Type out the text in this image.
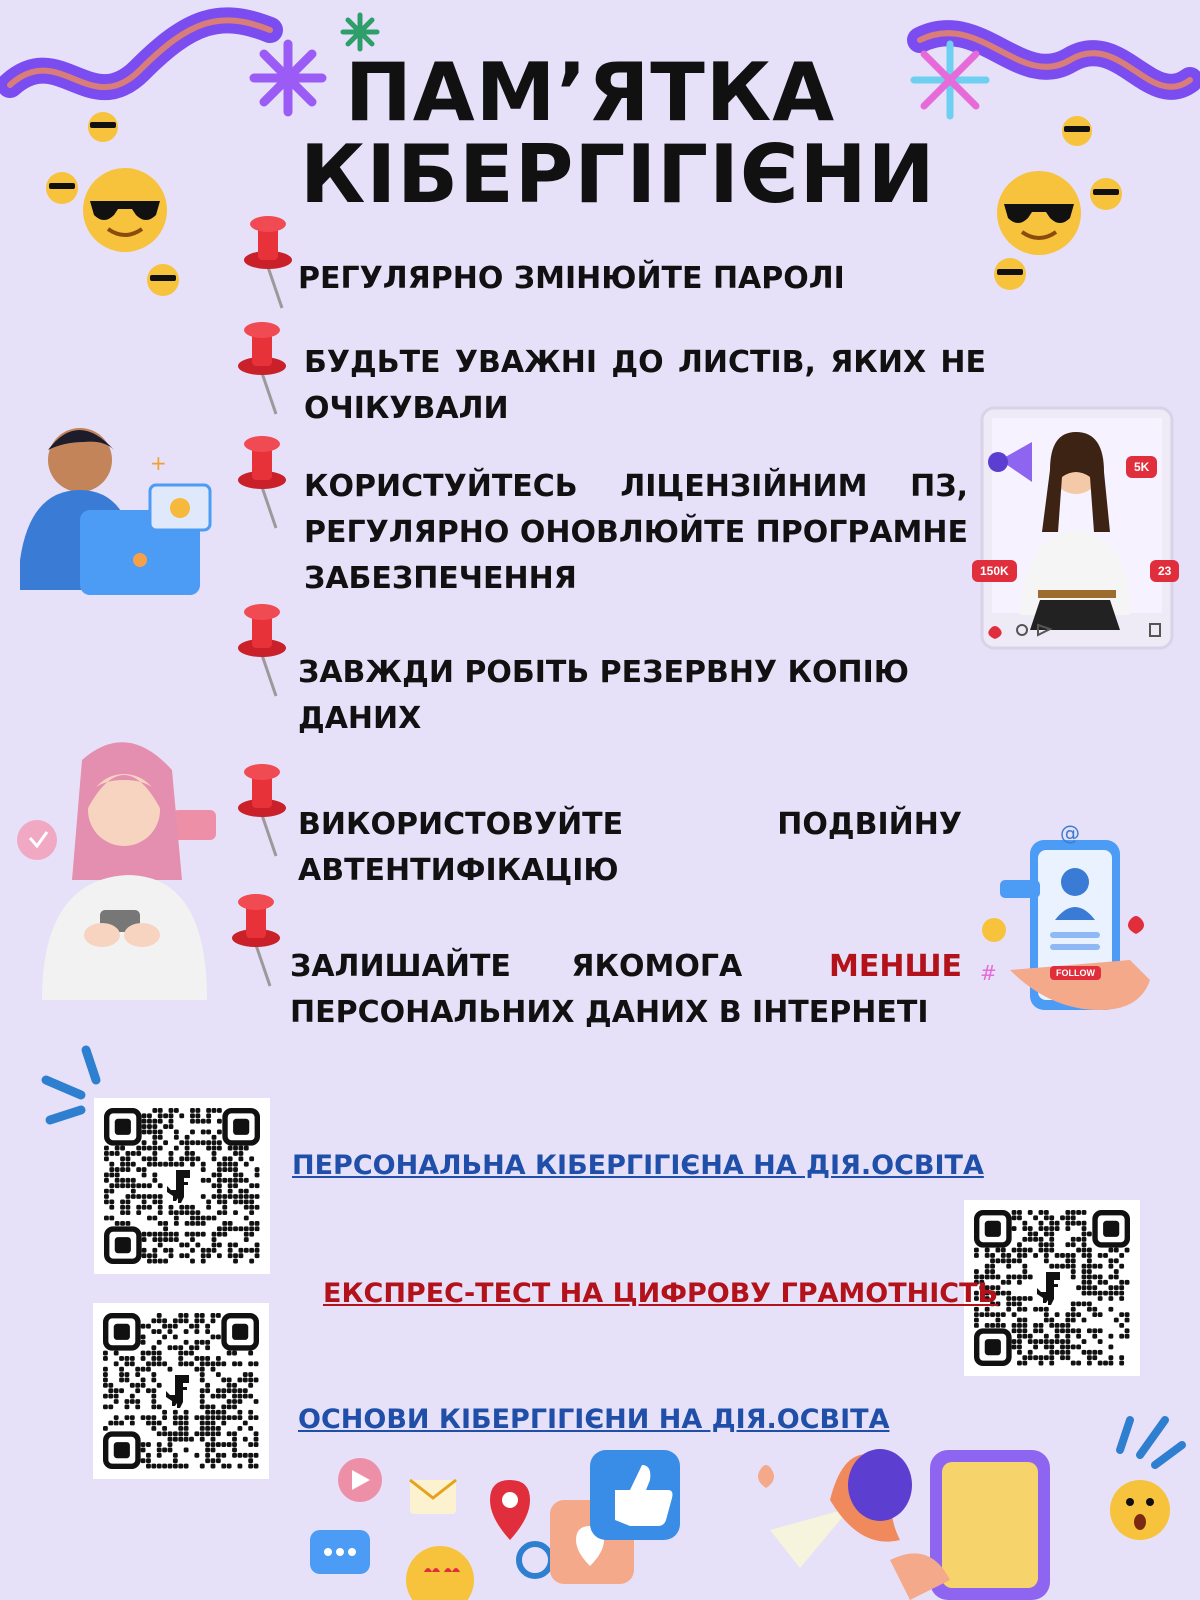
ПАМ’ЯТКА
КІБЕРГІГІЄНИ
РЕГУЛЯРНО ЗМІНЮЙТЕ ПАРОЛІ
БУДЬТЕ УВАЖНІ ДО ЛИСТІВ, ЯКИХ НЕ ОЧІКУВАЛИ
КОРИСТУЙТЕСЬ ЛІЦЕНЗІЙНИМ ПЗ, РЕГУЛЯРНО ОНОВЛЮЙТЕ ПРОГРАМНЕ ЗАБЕЗПЕЧЕННЯ
ЗАВЖДИ РОБІТЬ РЕЗЕРВНУ КОПІЮ ДАНИХ
ВИКОРИСТОВУЙТЕ ПОДВІЙНУ АВТЕНТИФІКАЦІЮ
ЗАЛИШАЙТЕ ЯКОМОГА	МЕНШЕ
ПЕРСОНАЛЬНИХ ДАНИХ В ІНТЕРНЕТІ
+	5K
150K	23
@
#	FOLLOW
ПЕРСОНАЛЬНА КІБЕРГІГІЄНА НА ДІЯ.ОСВІТА
ЕКСПРЕС-ТЕСТ НА ЦИФРОВУ ГРАМОТНІСТЬ
ОСНОВИ КІБЕРГІГІЄНИ НА ДІЯ.ОСВІТА
